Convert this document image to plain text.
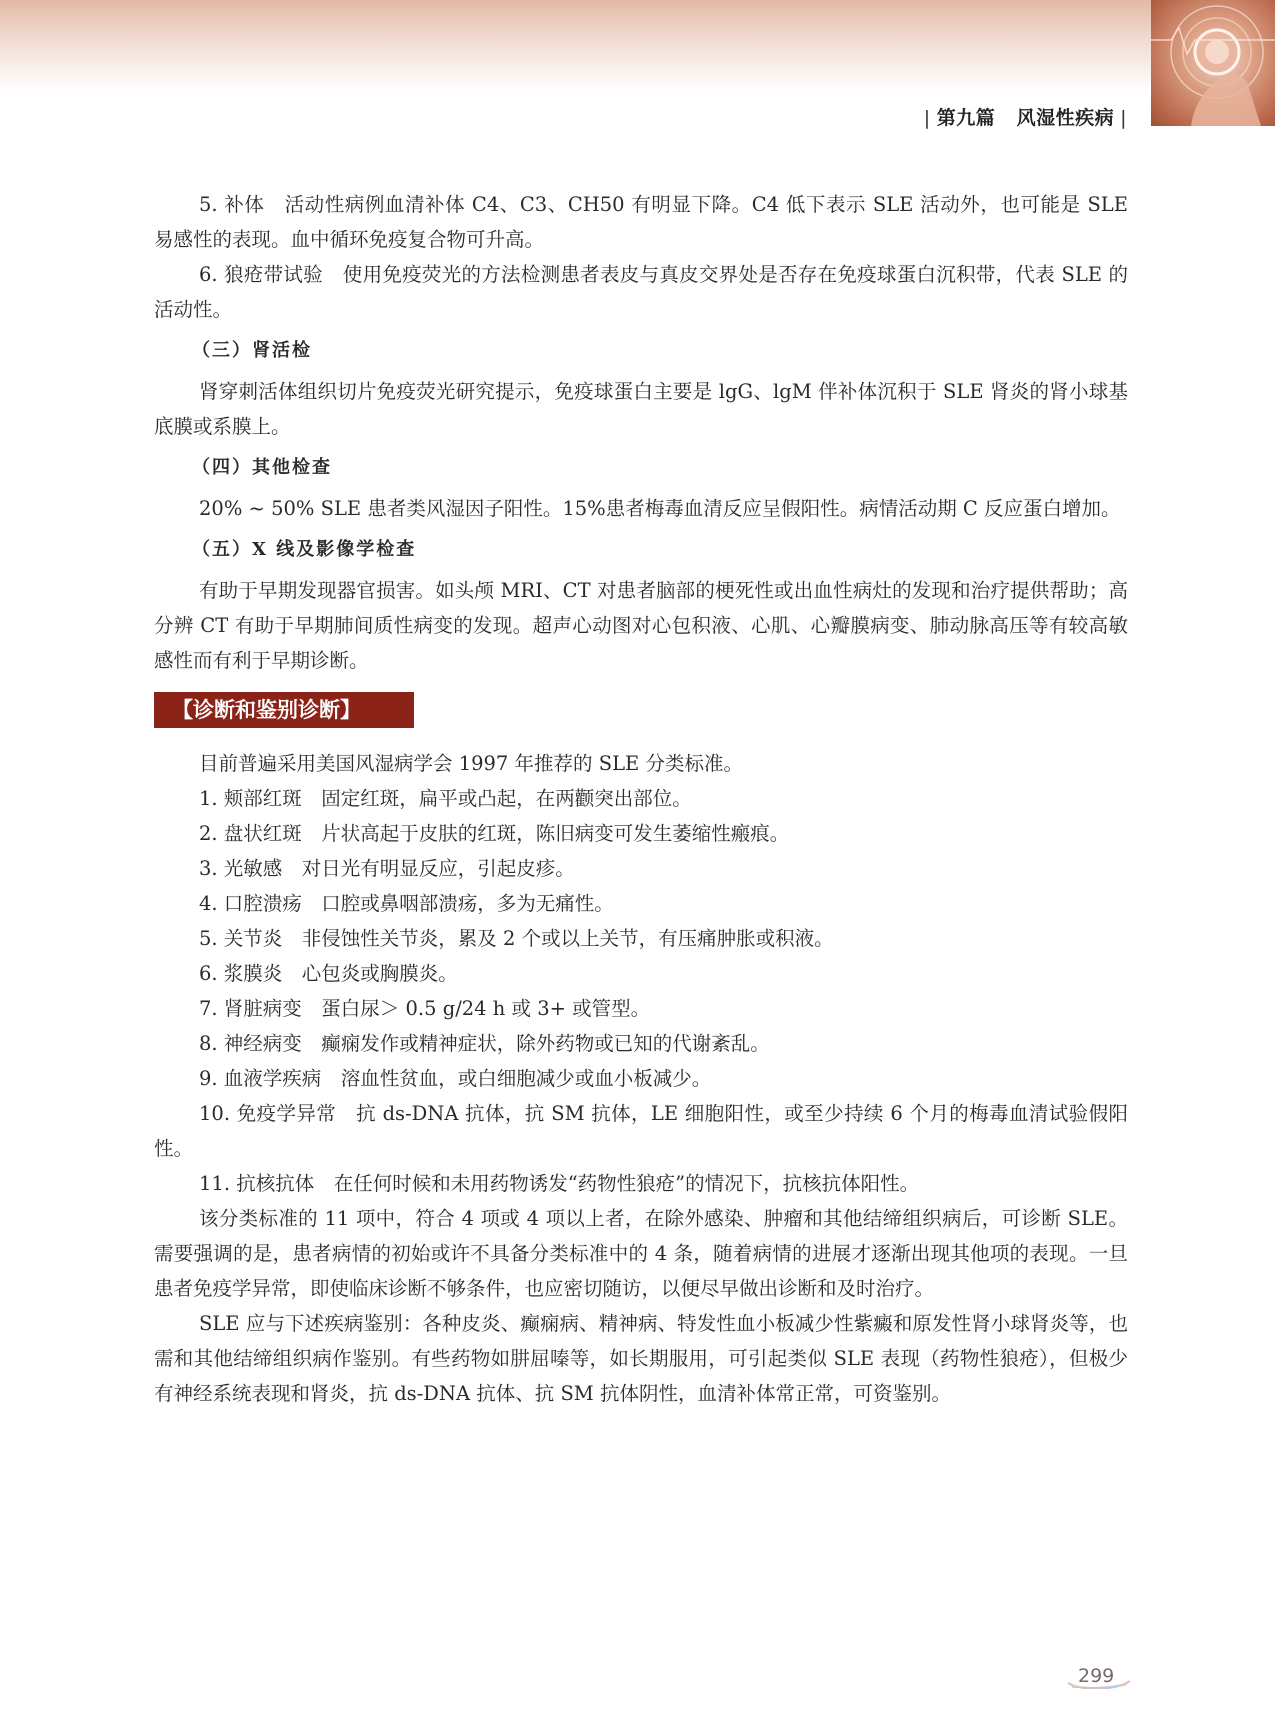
| 第九篇 风湿性疾病 |

5. 补体　活动性病例血清补体 C4、C3、CH50 有明显下降。C4 低下表示 SLE 活动外，也可能是 SLE 易感性的表现。血中循环免疫复合物可升高。

6. 狼疮带试验　使用免疫荧光的方法检测患者表皮与真皮交界处是否存在免疫球蛋白沉积带，代表 SLE 的活动性。

（三）肾活检

肾穿刺活体组织切片免疫荧光研究提示，免疫球蛋白主要是 lgG、lgM 伴补体沉积于 SLE 肾炎的肾小球基底膜或系膜上。

（四）其他检查

20% ~ 50% SLE 患者类风湿因子阳性。15%患者梅毒血清反应呈假阳性。病情活动期 C 反应蛋白增加。

（五）X 线及影像学检查

有助于早期发现器官损害。如头颅 MRI、CT 对患者脑部的梗死性或出血性病灶的发现和治疗提供帮助；高分辨 CT 有助于早期肺间质性病变的发现。超声心动图对心包积液、心肌、心瓣膜病变、肺动脉高压等有较高敏感性而有利于早期诊断。

【诊断和鉴别诊断】

目前普遍采用美国风湿病学会 1997 年推荐的 SLE 分类标准。

1. 颊部红斑　固定红斑，扁平或凸起，在两颧突出部位。

2. 盘状红斑　片状高起于皮肤的红斑，陈旧病变可发生萎缩性瘢痕。

3. 光敏感　对日光有明显反应，引起皮疹。

4. 口腔溃疡　口腔或鼻咽部溃疡，多为无痛性。

5. 关节炎　非侵蚀性关节炎，累及 2 个或以上关节，有压痛肿胀或积液。

6. 浆膜炎　心包炎或胸膜炎。

7. 肾脏病变　蛋白尿＞ 0.5 g/24 h 或 3+ 或管型。

8. 神经病变　癫痫发作或精神症状，除外药物或已知的代谢紊乱。

9. 血液学疾病　溶血性贫血，或白细胞减少或血小板减少。

10. 免疫学异常　抗 ds-DNA 抗体，抗 SM 抗体，LE 细胞阳性，或至少持续 6 个月的梅毒血清试验假阳性。

11. 抗核抗体　在任何时候和未用药物诱发“药物性狼疮”的情况下，抗核抗体阳性。

该分类标准的 11 项中，符合 4 项或 4 项以上者，在除外感染、肿瘤和其他结缔组织病后，可诊断 SLE。需要强调的是，患者病情的初始或许不具备分类标准中的 4 条，随着病情的进展才逐渐出现其他项的表现。一旦患者免疫学异常，即使临床诊断不够条件，也应密切随访，以便尽早做出诊断和及时治疗。

SLE 应与下述疾病鉴别：各种皮炎、癫痫病、精神病、特发性血小板减少性紫癜和原发性肾小球肾炎等，也需和其他结缔组织病作鉴别。有些药物如肼屈嗪等，如长期服用，可引起类似 SLE 表现（药物性狼疮），但极少有神经系统表现和肾炎，抗 ds-DNA 抗体、抗 SM 抗体阴性，血清补体常正常，可资鉴别。

299
